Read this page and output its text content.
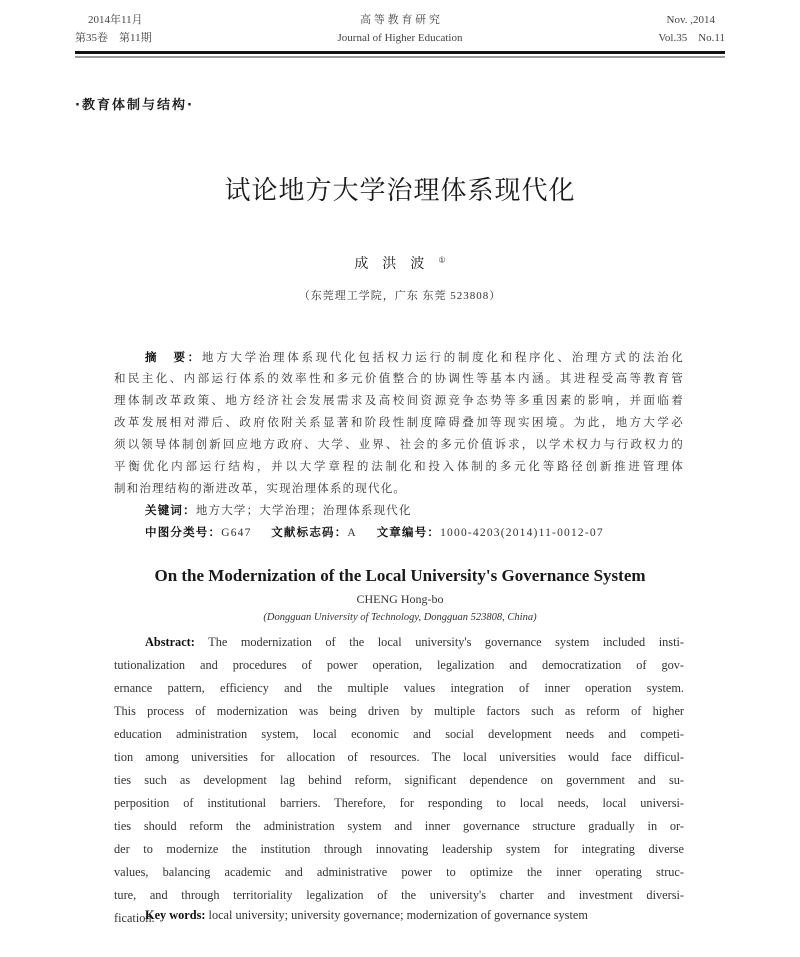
2014年11月
第35卷　第11期
高 等 教 育 研 究
Journal of Higher Education
Nov. ,2014
Vol.35　No.11
·教育体制与结构·
试论地方大学治理体系现代化
成洪波①
（东莞理工学院，广东 东莞 523808）
摘　要：地方大学治理体系现代化包括权力运行的制度化和程序化、治理方式的法治化
和民主化、内部运行体系的效率性和多元价值整合的协调性等基本内涵。其进程受高等教育管
理体制改革政策、地方经济社会发展需求及高校间资源竞争态势等多重因素的影响，并面临着
改革发展相对滞后、政府依附关系显著和阶段性制度障碍叠加等现实困境。为此，地方大学必
须以领导体制创新回应地方政府、大学、业界、社会的多元价值诉求，以学术权力与行政权力的
平衡优化内部运行结构，并以大学章程的法制化和投入体制的多元化等路径创新推进管理体
制和治理结构的渐进改革，实现治理体系的现代化。
关键词：地方大学；大学治理；治理体系现代化
中图分类号：G647   文献标志码：A   文章编号：1000-4203(2014)11-0012-07
On the Modernization of the Local University's Governance System
CHENG Hong-bo
(Dongguan University of Technology, Dongguan 523808, China)
Abstract: The modernization of the local university's governance system included insti-
tutionalization and procedures of power operation, legalization and democratization of gov-
ernance pattern, efficiency and the multiple values integration of inner operation system.
This process of modernization was being driven by multiple factors such as reform of higher
education administration system, local economic and social development needs and competi-
tion among universities for allocation of resources. The local universities would face difficul-
ties such as development lag behind reform, significant dependence on government and su-
perposition of institutional barriers. Therefore, for responding to local needs, local universi-
ties should reform the administration system and inner governance structure gradually in or-
der to modernize the institution through innovating leadership system for integrating diverse
values, balancing academic and administrative power to optimize the inner operating struc-
ture, and through territoriality legalization of the university's charter and investment diversi-
fication.
Key words: local university; university governance; modernization of governance system
